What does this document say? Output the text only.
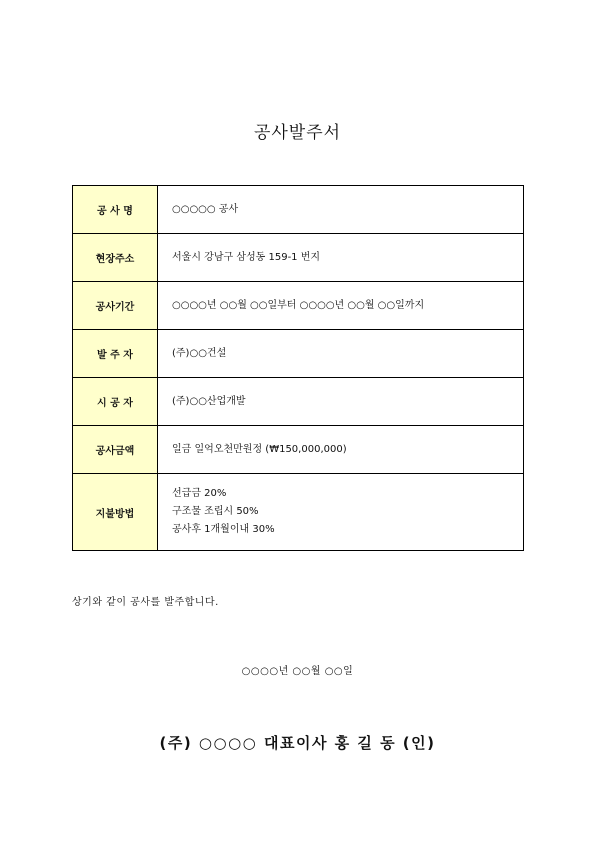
공사발주서
공 사 명	○○○○○ 공사

현장주소	서울시 강남구 삼성동 159-1 번지

공사기간	○○○○년 ○○월 ○○일부터 ○○○○년 ○○월 ○○일까지

발 주 자	(주)○○건설

시 공 자	(주)○○산업개발

공사금액	일금 일억오천만원정 (₩150,000,000)

지불방법	선급금 20%
구조물 조립시 50%
공사후 1개월이내 30%
상기와 같이 공사를 발주합니다.
○○○○년 ○○월 ○○일
(주) ○○○○ 대표이사 홍 길 동 (인)
